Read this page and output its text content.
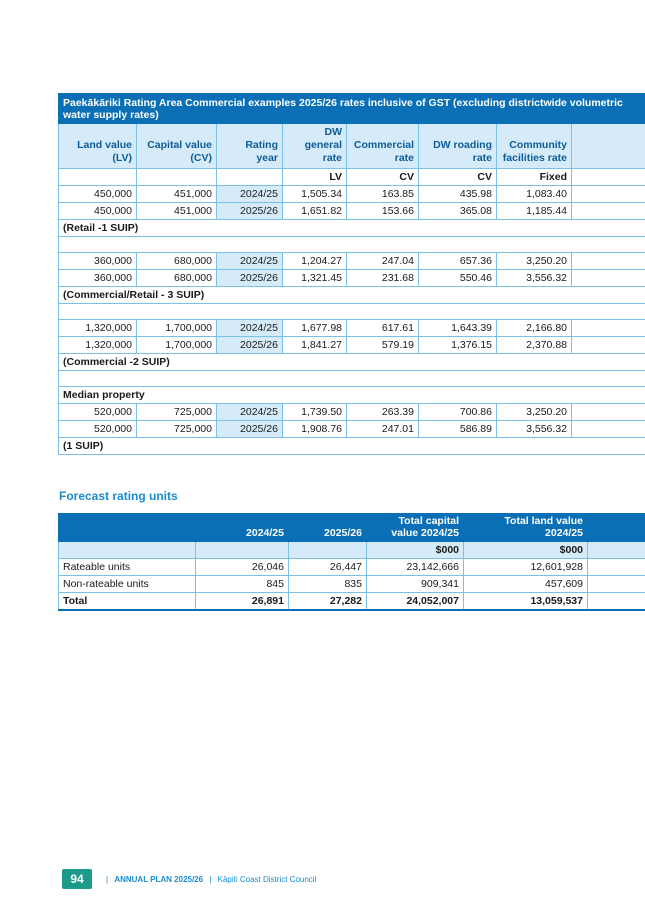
Paekākāriki Rating Area Commercial examples 2025/26 rates inclusive of GST (excluding districtwide volumetric water supply rates)							
Land value (LV)	Capital value (CV)	Rating year	DW general rate	Commercial rate	DW roading rate	Community facilities rate	
			LV	CV	CV	Fixed	
450,000	451,000	2024/25	1,505.34	163.85	435.98	1,083.40	
450,000	451,000	2025/26	1,651.82	153.66	365.08	1,185.44	
(Retail -1 SUIP)							

360,000	680,000	2024/25	1,204.27	247.04	657.36	3,250.20	
360,000	680,000	2025/26	1,321.45	231.68	550.46	3,556.32	
(Commercial/Retail - 3 SUIP)							

1,320,000	1,700,000	2024/25	1,677.98	617.61	1,643.39	2,166.80	
1,320,000	1,700,000	2025/26	1,841.27	579.19	1,376.15	2,370.88	
(Commercial -2 SUIP)							

Median property							
520,000	725,000	2024/25	1,739.50	263.39	700.86	3,250.20	
520,000	725,000	2025/26	1,908.76	247.01	586.89	3,556.32	
(1 SUIP)							
Forecast rating units
	2024/25	2025/26	Total capital value 2024/25	Total land value 2024/25	
			$000	$000	
Rateable units	26,046	26,447	23,142,666	12,601,928	
Non-rateable units	845	835	909,341	457,609	
Total	26,891	27,282	24,052,007	13,059,537	
94	| ANNUAL PLAN 2025/26 | Kāpiti Coast District Council
